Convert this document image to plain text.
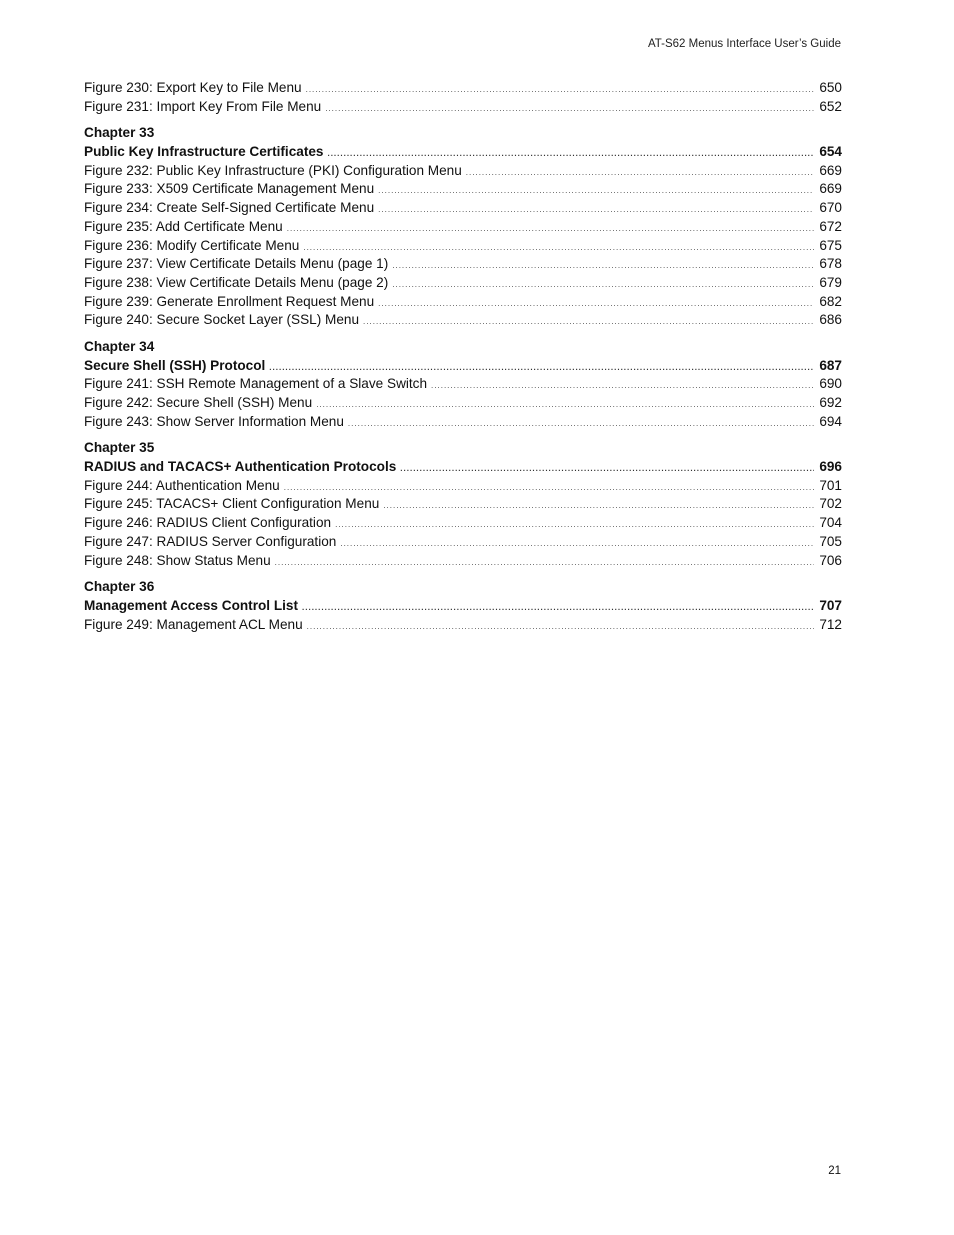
AT-S62 Menus Interface User’s Guide
Figure 230: Export Key to File Menu .....	650
Figure 231: Import Key From File Menu .....	652
Chapter 33
Public Key Infrastructure Certificates .....	654
Figure 232: Public Key Infrastructure (PKI) Configuration Menu .....	669
Figure 233: X509 Certificate Management Menu .....	669
Figure 234: Create Self-Signed Certificate Menu .....	670
Figure 235: Add Certificate Menu .....	672
Figure 236: Modify Certificate Menu .....	675
Figure 237: View Certificate Details Menu (page 1) .....	678
Figure 238: View Certificate Details Menu (page 2) .....	679
Figure 239: Generate Enrollment Request Menu .....	682
Figure 240: Secure Socket Layer (SSL) Menu .....	686
Chapter 34
Secure Shell (SSH) Protocol .....	687
Figure 241: SSH Remote Management of a Slave Switch .....	690
Figure 242: Secure Shell (SSH) Menu .....	692
Figure 243: Show Server Information Menu .....	694
Chapter 35
RADIUS and TACACS+ Authentication Protocols .....	696
Figure 244: Authentication Menu .....	701
Figure 245: TACACS+ Client Configuration Menu .....	702
Figure 246: RADIUS Client Configuration .....	704
Figure 247: RADIUS Server Configuration .....	705
Figure 248: Show Status Menu .....	706
Chapter 36
Management Access Control List .....	707
Figure 249: Management ACL Menu .....	712
21
